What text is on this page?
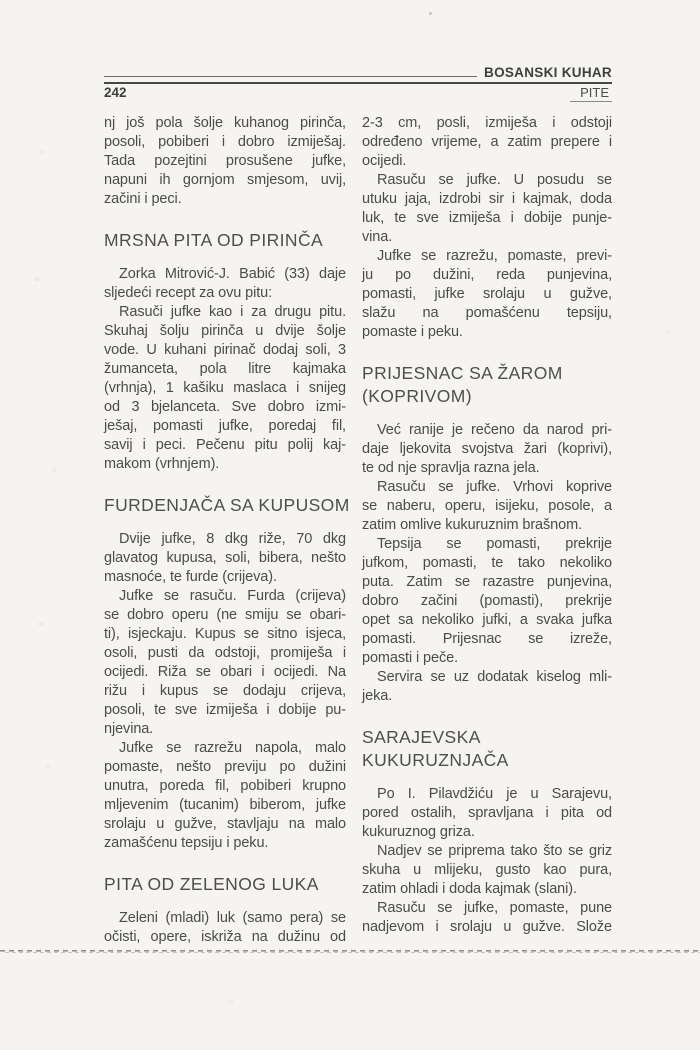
BOSANSKI KUHAR
242	PITE
nj još pola šolje kuhanog pirinča,
posoli, pobiberi i dobro izmiješaj.
Tada pozejtini prosušene jufke,
napuni ih gornjom smjesom, uvij,
začini i peci.
MRSNA PITA OD PIRINČA
Zorka Mitrović-J. Babić (33) daje
sljedeći recept za ovu pitu:
Rasuči jufke kao i za drugu pitu.
Skuhaj šolju pirinča u dvije šolje
vode. U kuhani pirinač dodaj soli, 3
žumanceta, pola litre kajmaka
(vrhnja), 1 kašiku maslaca i snijeg
od 3 bjelanceta. Sve dobro izmi-
ješaj, pomasti jufke, poredaj fil,
savij i peci. Pečenu pitu polij kaj-
makom (vrhnjem).
FURDENJAČA SA KUPUSOM
Dvije jufke, 8 dkg riže, 70 dkg
glavatog kupusa, soli, bibera, nešto
masnoće, te furde (crijeva).
Jufke se rasuču. Furda (crijeva)
se dobro operu (ne smiju se obari-
ti), isjeckaju. Kupus se sitno isjeca,
osoli, pusti da odstoji, promiješa i
ocijedi. Riža se obari i ocijedi. Na
rižu i kupus se dodaju crijeva,
posoli, te sve izmiješa i dobije pu-
njevina.
Jufke se razrežu napola, malo
pomaste, nešto previju po dužini
unutra, poreda fil, pobiberi krupno
mljevenim (tucanim) biberom, jufke
srolaju u gužve, stavljaju na malo
zamašćenu tepsiju i peku.
PITA OD ZELENOG LUKA
Zeleni (mladi) luk (samo pera) se
očisti, opere, iskriža na dužinu od
2-3 cm, posli, izmiješa i odstoji
određeno vrijeme, a zatim prepere i
ocijedi.
Rasuču se jufke. U posudu se
utuku jaja, izdrobi sir i kajmak, doda
luk, te sve izmiješa i dobije punje-
vina.
Jufke se razrežu, pomaste, previ-
ju po dužini, reda punjevina,
pomasti, jufke srolaju u gužve,
slažu na pomašćenu tepsiju,
pomaste i peku.
PRIJESNAC SA ŽAROM
(KOPRIVOM)
Već ranije je rečeno da narod pri-
daje ljekovita svojstva žari (koprivi),
te od nje spravlja razna jela.
Rasuču se jufke. Vrhovi koprive
se naberu, operu, isijeku, posole, a
zatim omlive kukuruznim brašnom.
Tepsija se pomasti, prekrije
jufkom, pomasti, te tako nekoliko
puta. Zatim se razastre punjevina,
dobro začini (pomasti), prekrije
opet sa nekoliko jufki, a svaka jufka
pomasti. Prijesnac se izreže,
pomasti i peče.
Servira se uz dodatak kiselog mli-
jeka.
SARAJEVSKA
KUKURUZNJAČA
Po I. Pilavdžiću je u Sarajevu,
pored ostalih, spravljana i pita od
kukuruznog griza.
Nadjev se priprema tako što se griz
skuha u mlijeku, gusto kao pura,
zatim ohladi i doda kajmak (slani).
Rasuču se jufke, pomaste, pune
nadjevom i srolaju u gužve. Slože
